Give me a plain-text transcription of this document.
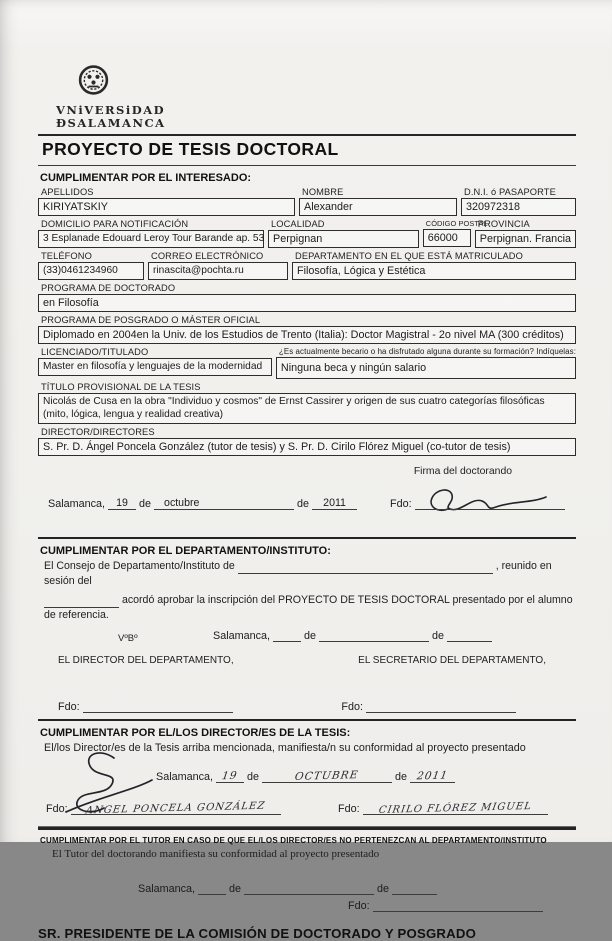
VNiVERSiDAD
ĐSALAMANCA
PROYECTO DE TESIS DOCTORAL
CUMPLIMENTAR POR EL INTERESADO:
APELLIDOS
KIRIYATSKIY
NOMBRE
Alexander
D.N.I. ó PASAPORTE
320972318
DOMICILIO PARA NOTIFICACIÓN
3 Esplanade Edouard Leroy Tour Barande ap. 53
LOCALIDAD
Perpignan
CÓDIGO POSTAL
66000
PROVINCIA
Perpignan. Francia
TELÉFONO
(33)0461234960
CORREO ELECTRÓNICO
rinascita@pochta.ru
DEPARTAMENTO EN EL QUE ESTÁ MATRICULADO
Filosofía, Lógica y Estética
PROGRAMA DE DOCTORADO
en Filosofía
PROGRAMA DE POSGRADO O MÁSTER OFICIAL
Diplomado en 2004en la Univ. de los Estudios de Trento (Italia): Doctor Magistral - 2o nivel MA (300 créditos)
LICENCIADO/TITULADO
Master en filosofía y lenguajes de la modernidad
¿Es actualmente becario o ha disfrutado alguna durante su formación? Indíquelas:
Ninguna beca y ningún salario
TÍTULO PROVISIONAL DE LA TESIS
Nicolás de Cusa en la obra "Individuo y cosmos" de Ernst Cassirer y origen de sus cuatro categorías filosóficas (mito, lógica, lengua y realidad creativa)
DIRECTOR/DIRECTORES
S. Pr. D. Ángel Poncela González (tutor de tesis) y S. Pr. D. Cirilo Flórez Miguel (co-tutor de tesis)
Firma del doctorando
Salamanca, 19 de octubre	de 2011	Fdo:
CUMPLIMENTAR POR EL DEPARTAMENTO/INSTITUTO:
El Consejo de Departamento/Instituto de	, reunido en sesión del
acordó aprobar la inscripción del PROYECTO DE TESIS DOCTORAL presentado por el alumno de referencia.
VºBº	Salamanca,	de	de
EL DIRECTOR DEL DEPARTAMENTO,	EL SECRETARIO DEL DEPARTAMENTO,
Fdo:	Fdo:
CUMPLIMENTAR POR EL/LOS DIRECTOR/ES DE LA TESIS:
El/los Director/es de la Tesis arriba mencionada, manifiesta/n su conformidad al proyecto presentado
Salamanca, 19 de	OCTUBRE	de 2011
Fdo: ANGEL PONCELA GONZÁLEZ	Fdo: CIRILO FLÓREZ MIGUEL
CUMPLIMENTAR POR EL TUTOR EN CASO DE QUE EL/LOS DIRECTOR/ES NO PERTENEZCAN AL DEPARTAMENTO/INSTITUTO
El Tutor del doctorando manifiesta su conformidad al proyecto presentado
Salamanca,	de	de
Fdo:
SR. PRESIDENTE DE LA COMISIÓN DE DOCTORADO Y POSGRADO
